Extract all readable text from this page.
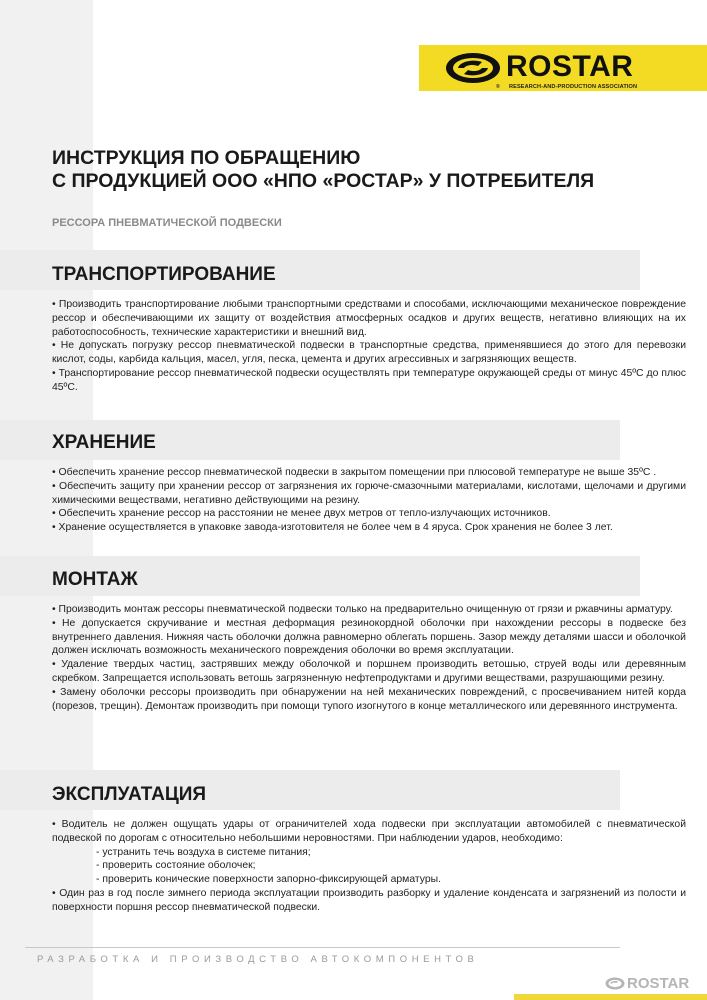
ROSTAR
® RESEARCH-AND-PRODUCTION ASSOCIATION
ИНСТРУКЦИЯ ПО ОБРАЩЕНИЮ
С ПРОДУКЦИЕЙ ООО «НПО «РОСТАР» У ПОТРЕБИТЕЛЯ
РЕССОРА ПНЕВМАТИЧЕСКОЙ ПОДВЕСКИ
ТРАНСПОРТИРОВАНИЕ

• Производить транспортирование любыми транспортными средствами и способами, исключающими механическое повреждение рессор и обеспечивающими их защиту от воздействия атмосферных осадков и других веществ, негативно влияющих на их работоспособность, технические характеристики и внешний вид.

• Не допускать погрузку рессор пневматической подвески в транспортные средства, применявшиеся до этого для перевозки кислот, соды, карбида кальция, масел, угля, песка, цемента и других агрессивных и загрязняющих веществ.

• Транспортирование рессор пневматической подвески осуществлять при температуре окружающей среды от минус 45ºС до плюс 45ºС.

ХРАНЕНИЕ

• Обеспечить хранение рессор пневматической подвески в закрытом помещении при плюсовой температуре не выше 35ºС .

• Обеспечить защиту при хранении рессор от загрязнения их горюче-смазочными материалами, кислотами, щелочами и другими химическими веществами, негативно действующими на резину.

• Обеспечить хранение рессор на расстоянии не менее двух метров от тепло-излучающих источников.

• Хранение осуществляется в упаковке завода-изготовителя не более чем в 4 яруса. Срок хранения не более 3 лет.

МОНТАЖ

• Производить монтаж рессоры пневматической подвески только на предварительно очищенную от грязи и ржавчины арматуру.

• Не допускается скручивание и местная деформация резинокордной оболочки при нахождении рессоры в подвеске без внутреннего давления. Нижняя часть оболочки должна равномерно облегать поршень. Зазор между деталями шасси и оболочкой должен исключать возможность механического повреждения оболочки во время эксплуатации.

• Удаление твердых частиц, застрявших между оболочкой и поршнем производить ветошью, струей воды или деревянным скребком. Запрещается использовать ветошь загрязненную нефтепродуктами и другими веществами, разрушающими резину.

• Замену оболочки рессоры производить при обнаружении на ней механических повреждений, с просвечиванием нитей корда (порезов, трещин). Демонтаж производить при помощи тупого изогнутого в конце металлического или деревянного инструмента.

ЭКСПЛУАТАЦИЯ

• Водитель не должен ощущать удары от ограничителей хода подвески при эксплуатации автомобилей с пневматической подвеской по дорогам с относительно небольшими неровностями. При наблюдении ударов, необходимо:

- устранить течь воздуха в системе питания;

- проверить состояние оболочек;

- проверить конические поверхности запорно-фиксирующей арматуры.

• Один раз в год после зимнего периода эксплуатации производить разборку и удаление конденсата и загрязнений из полости и поверхности поршня рессор пневматической подвески.

РАЗРАБОТКА И ПРОИЗВОДСТВО АВТОКОМПОНЕНТОВ
ROSTAR
